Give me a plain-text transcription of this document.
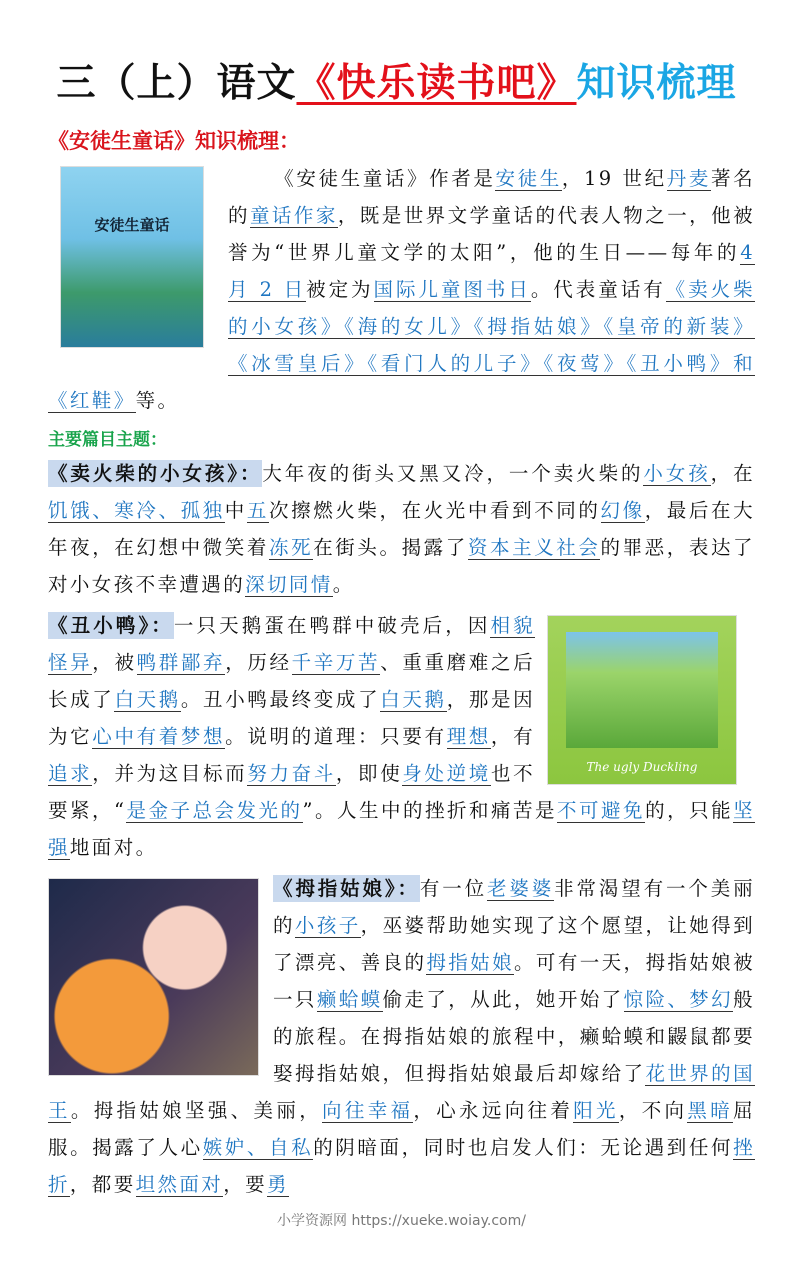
三（上）语文《快乐读书吧》知识梳理
《安徒生童话》知识梳理：
安徒生童话
《安徒生童话》作者是安徒生，19 世纪丹麦著名的童话作家，既是世界文学童话的代表人物之一，他被誉为“世界儿童文学的太阳”，他的生日——每年的4 月 2 日被定为国际儿童图书日。代表童话有《卖火柴的小女孩》《海的女儿》《拇指姑娘》《皇帝的新装》《冰雪皇后》《看门人的儿子》《夜莺》《丑小鸭》和《红鞋》等。
主要篇目主题：
《卖火柴的小女孩》：大年夜的街头又黑又冷，一个卖火柴的小女孩，在饥饿、寒冷、孤独中五次擦燃火柴，在火光中看到不同的幻像，最后在大年夜，在幻想中微笑着冻死在街头。揭露了资本主义社会的罪恶，表达了对小女孩不幸遭遇的深切同情。
The ugly Duckling
《丑小鸭》：一只天鹅蛋在鸭群中破壳后，因相貌怪异，被鸭群鄙弃，历经千辛万苦、重重磨难之后长成了白天鹅。丑小鸭最终变成了白天鹅，那是因为它心中有着梦想。说明的道理：只要有理想，有追求，并为这目标而努力奋斗，即使身处逆境也不要紧，“是金子总会发光的”。人生中的挫折和痛苦是不可避免的，只能坚强地面对。
《拇指姑娘》：有一位老婆婆非常渴望有一个美丽的小孩子，巫婆帮助她实现了这个愿望，让她得到了漂亮、善良的拇指姑娘。可有一天，拇指姑娘被一只癞蛤蟆偷走了，从此，她开始了惊险、梦幻般的旅程。在拇指姑娘的旅程中，癞蛤蟆和鼹鼠都要娶拇指姑娘，但拇指姑娘最后却嫁给了花世界的国王。拇指姑娘坚强、美丽，向往幸福，心永远向往着阳光，不向黑暗屈服。揭露了人心嫉妒、自私的阴暗面，同时也启发人们：无论遇到任何挫折，都要坦然面对，要勇
小学资源网 https://xueke.woiay.com/
